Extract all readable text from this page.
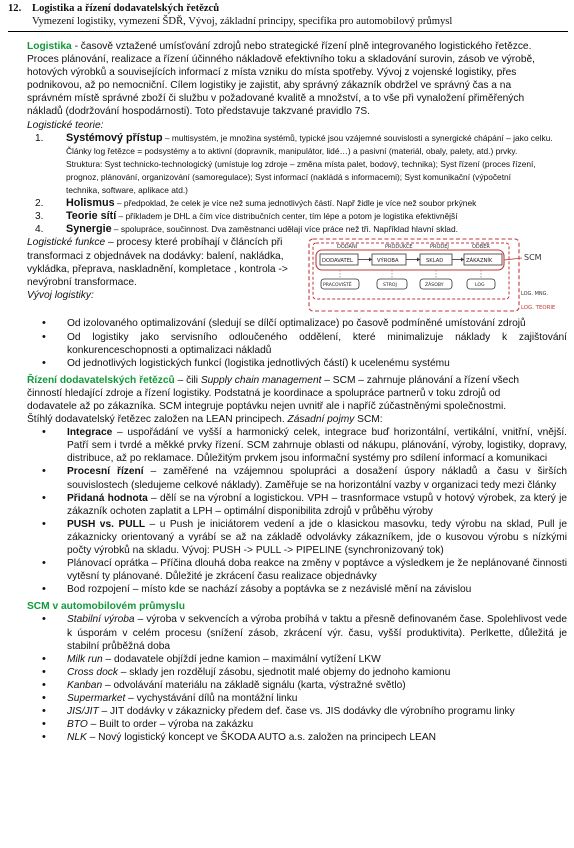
12. Logistika a řízení dodavatelských řetězců
Vymezení logistiky, vymezení ŠDŘ, Vývoj, základní principy, specifika pro automobilový průmysl

Logistika - časově vztažené umísťování zdrojů nebo strategické řízení plně integrovaného logistického řetězce.
Proces plánování, realizace a řízení účinného nákladově efektivního toku a skladování surovin, zásob ve výrobě,
hotových výrobků a souvisejících informací z místa vzniku do místa spotřeby. Vývoj z vojenské logistiky, přes
podnikovou, až po nemocniční. Cílem logistiky je zajistit, aby správný zákazník obdržel ve správný čas a na
správném místě správné zboží či službu v požadované kvalitě a množství, a to vše při vynaložení přiměřených
nákladů (dodržování hospodárnosti). Toto představuje takzvané pravidlo 7S.

Logistické teorie:

1. Systémový přístup – multisystém, je množina systémů, typické jsou vzájemné souvislosti a synergické chápání – jako celku.
Články log řetězce = podsystémy a to aktivní (dopravník, manipulátor, lidé…) a pasivní (materiál, obaly, palety, atd.) prvky.
Struktura: Syst technicko-technologický (umístuje log zdroje – změna místa palet, bodový, technika); Syst řízení (proces řízení,
prognoz, plánování, organizování (samoregulace); Syst informací (nakládá s informacemi); Syst komunikační (výpočetní
technika, software, aplikace atd.)
2. Holismus – předpoklad, že celek je více než suma jednotlivých částí. Např židle je více než soubor prkýnek
3. Teorie sítí – příkladem je DHL a čím více distribučních center, tím lépe a potom je logistika efektivnější
4. Synergie – spolupráce, součinnost. Dva zaměstnanci udělají více práce než tři. Například hlavní sklad.
Logistické funkce – procesy které probíhají v článcích při
transformaci z objednávek na dodávky: balení, nakládka,
vykládka, přeprava, naskladnění, kompletace , kontrola ->
nevýrobní transformace.
Vývoj logistiky:
DODÁNÍ	PRODUKCE	PRODEJ	ODBĚR
DODAVATEL	VÝROBA	SKLAD	ZÁKAZNÍK
PRACOVIŠTĚ	STROJ	ZÁSOBY	LOG
SCM
LOG. MNG.
LOG. TEORIE
• Od izolovaného optimalizování (sledují se dílčí optimalizace) po časově podmíněné umístování zdrojů
• Od logistiky jako servisního odloučeného oddělení, které minimalizuje náklady k zajištování konkurenceschopnosti a optimalizaci nákladů
• Od jednotlivých logistických funkcí (logistika jednotlivých částí) k ucelenému systému

Řízení dodavatelských řetězců – čili Supply chain management – SCM – zahrnuje plánování a řízení všech
činností hledající zdroje a řízení logistiky. Podstatná je koordinace a spolupráce partnerů v toku zdrojů od
dodavatele až po zákazníka. SCM integruje poptávku nejen uvnitř ale i napříč zúčastněnými společnostmi.
Štíhlý dodavatelský řetězec založen na LEAN principech. Zásadní pojmy SCM:

• Integrace – uspořádání ve vyšší a harmonický celek, integrace buď horizontální, vertikální, vnitřní, vnější. Patří sem i tvrdé a měkké prvky řízení. SCM zahrnuje oblasti od nákupu, plánování, výroby, logistiky, dopravy, distribuce, až po reklamace. Důležitým prvkem jsou informační systémy pro sdílení informací a komunikaci
• Procesní řízení – zaměřené na vzájemnou spolupráci a dosažení úspory nákladů a času v širších souvislostech (sledujeme celkové náklady). Zaměřuje se na horizontální vazby v organizaci tedy mezi články
• Přidaná hodnota – dělí se na výrobní a logistickou. VPH – trasnformace vstupů v hotový výrobek, za který je zákazník ochoten zaplatit a LPH – optimální disponibilita zdrojů v průběhu výroby
• PUSH vs. PULL – u Push je iniciátorem vedení a jde o klasickou masovku, tedy výrobu na sklad, Pull je zákaznicky orientovaný a vyrábí se až na základě odvolávky zákazníkem, jde o kusovou výrobu s nízkými počty výrobků na skladu. Vývoj: PUSH -> PULL -> PIPELINE (synchronizovaný tok)
• Plánovací oprátka – Příčina dlouhá doba reakce na změny v poptávce a výsledkem je že neplánované činnosti vytěsní ty plánované. Důležité je zkrácení času realizace objednávky
• Bod rozpojení – místo kde se nachází zásoby a poptávka se z nezávislé mění na závislou

SCM v automobilovém průmyslu

• Stabilní výroba – výroba v sekvencích a výroba probíhá v taktu a přesně definovaném čase. Spolehlivost vede k úsporám v celém procesu (snížení zásob, zkrácení výr. času, vyšší produktivita). Perlkette, důležitá je stabilní průběžná doba
• Milk run – dodavatele objíždí jedne kamion – maximální vytížení LKW
• Cross dock – sklady jen rozdělují zásobu, sjednotit malé objemy do jednoho kamionu
• Kanban – odvolávání materiálu na základě signálu (karta, výstražné světlo)
• Supermarket – vychystávání dílů na montážní linku
• JIS/JIT – JIT dodávky v zákaznicky předem def. čase vs. JIS dodávky dle výrobního programu linky
• BTO – Built to order – výroba na zakázku
• NLK – Nový logistický koncept ve ŠKODA AUTO a.s. založen na principech LEAN
